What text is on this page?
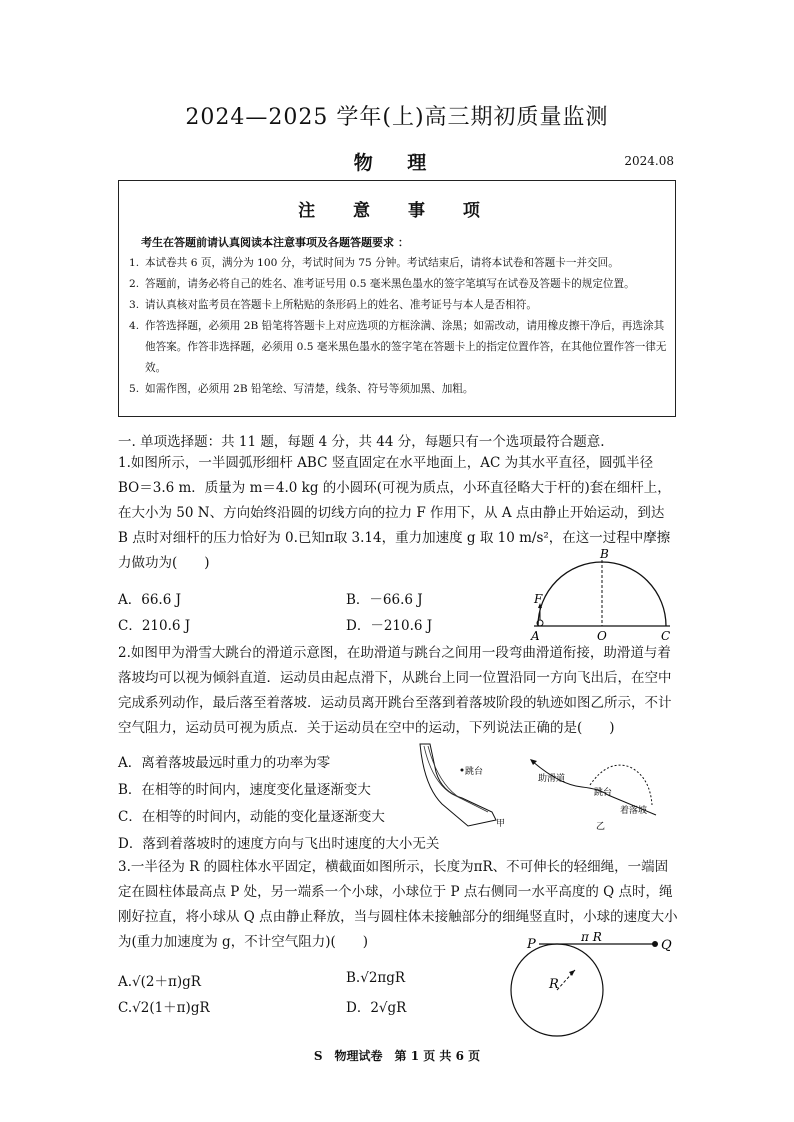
2024—2025 学年(上)高三期初质量监测
物 理	2024.08
注 意 事 项
考生在答题前请认真阅读本注意事项及各题答题要求 ：
1. 本试卷共 6 页，满分为 100 分，考试时间为 75 分钟。考试结束后，请将本试卷和答题卡一并交回。
2. 答题前，请务必将自己的姓名、准考证号用 0.5 毫米黑色墨水的签字笔填写在试卷及答题卡的规定位置。
3. 请认真核对监考员在答题卡上所粘贴的条形码上的姓名、准考证号与本人是否相符。
4. 作答选择题，必须用 2B 铅笔将答题卡上对应选项的方框涂满、涂黑；如需改动，请用橡皮擦干净后，再选涂其他答案。作答非选择题，必须用 0.5 毫米黑色墨水的签字笔在答题卡上的指定位置作答，在其他位置作答一律无效。
5. 如需作图，必须用 2B 铅笔绘、写清楚，线条、符号等须加黑、加粗。
一. 单项选择题：共 11 题，每题 4 分，共 44 分，每题只有一个选项最符合题意.
1.如图所示，一半圆弧形细杆 ABC 竖直固定在水平地面上，AC 为其水平直径，圆弧半径 BO＝3.6 m．质量为 m＝4.0 kg 的小圆环(可视为质点，小环直径略大于杆的)套在细杆上，在大小为 50 N、方向始终沿圆的切线方向的拉力 F 作用下，从 A 点由静止开始运动，到达 B 点时对细杆的压力恰好为 0.已知π取 3.14，重力加速度 g 取 10 m/s²，在这一过程中摩擦力做功为(　　)
A．66.6 J	B．－66.6 J
C．210.6 J	D．－210.6 J
B
F
A	O	C
2.如图甲为滑雪大跳台的滑道示意图，在助滑道与跳台之间用一段弯曲滑道衔接，助滑道与着落坡均可以视为倾斜直道．运动员由起点滑下，从跳台上同一位置沿同一方向飞出后，在空中完成系列动作，最后落至着落坡．运动员离开跳台至落到着落坡阶段的轨迹如图乙所示，不计空气阻力，运动员可视为质点．关于运动员在空中的运动，下列说法正确的是(　　)
A．离着落坡最远时重力的功率为零
B．在相等的时间内，速度变化量逐渐变大
C．在相等的时间内，动能的变化量逐渐变大
D．落到着落坡时的速度方向与飞出时速度的大小无关
跳台
甲
助滑道
跳台
着落坡
乙
3.一半径为 R 的圆柱体水平固定，横截面如图所示，长度为πR、不可伸长的轻细绳，一端固定在圆柱体最高点 P 处，另一端系一个小球，小球位于 P 点右侧同一水平高度的 Q 点时，绳刚好拉直，将小球从 Q 点由静止释放，当与圆柱体未接触部分的细绳竖直时，小球的速度大小为(重力加速度为 g，不计空气阻力)(　　)
A.√(2＋π)gR	B.√2πgR
C.√2(1＋π)gR	D．2√gR
P	Q
π R
R
S　物理试卷　第 1 页 共 6 页
